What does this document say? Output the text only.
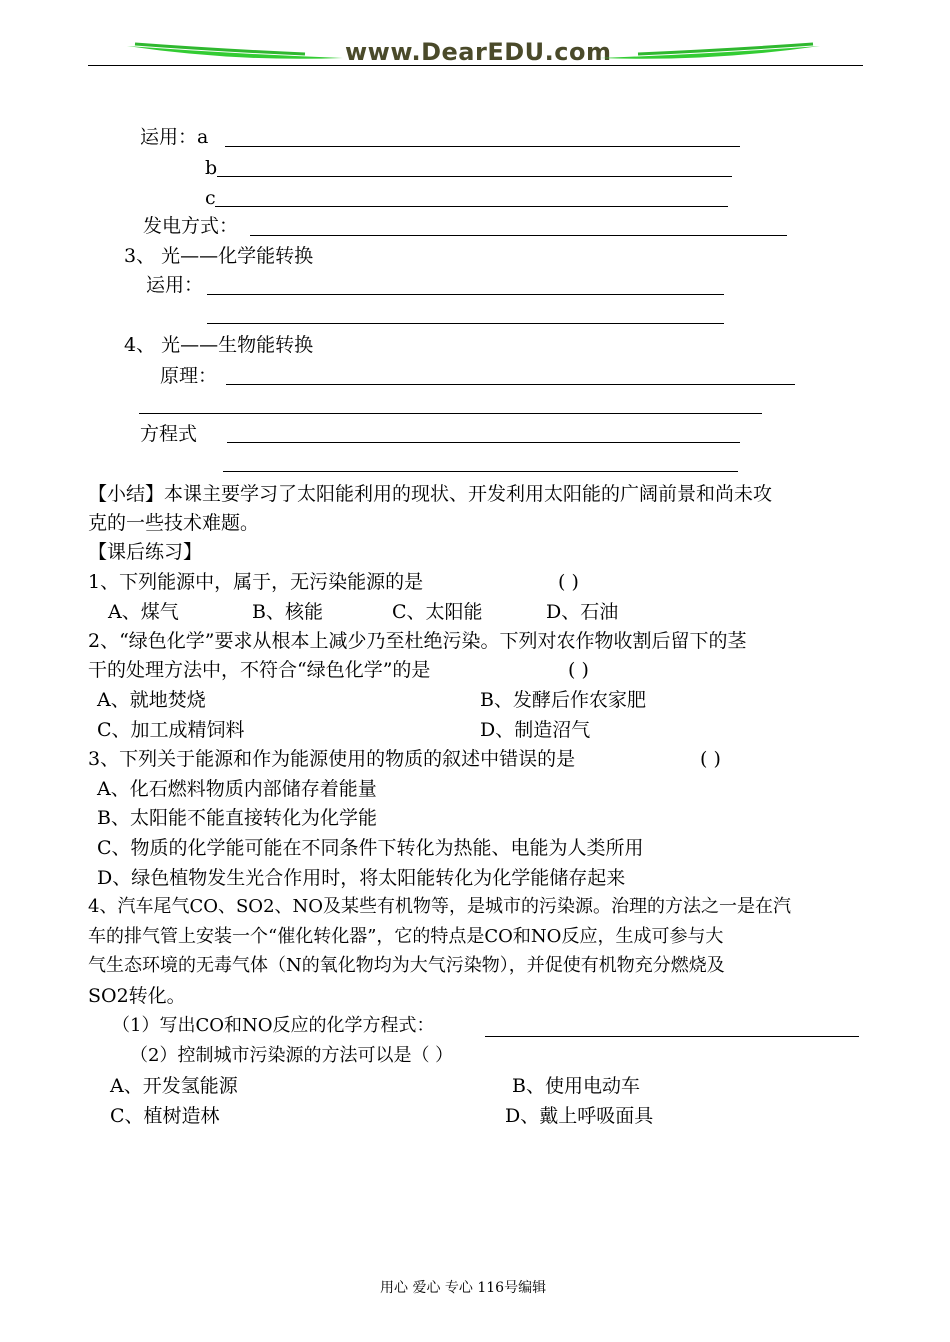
www.DearEDU.com
运用：a
b
c
发电方式：
3、 光——化学能转换
运用：
4、 光——生物能转换
原理：
方程式
【小结】本课主要学习了太阳能利用的现状、开发利用太阳能的广阔前景和尚未攻
克的一些技术难题。
【课后练习】
1、下列能源中，属于，无污染能源的是	( )
A、煤气	B、核能	C、太阳能	D、石油
2、“绿色化学”要求从根本上减少乃至杜绝污染。下列对农作物收割后留下的茎
干的处理方法中，不符合“绿色化学”的是	( )
A、就地焚烧	B、发酵后作农家肥
C、加工成精饲料	D、制造沼气
3、下列关于能源和作为能源使用的物质的叙述中错误的是	( )
A、化石燃料物质内部储存着能量
B、太阳能不能直接转化为化学能
C、物质的化学能可能在不同条件下转化为热能、电能为人类所用
D、绿色植物发生光合作用时，将太阳能转化为化学能储存起来
4、汽车尾气CO、SO2、NO及某些有机物等，是城市的污染源。治理的方法之一是在汽
车的排气管上安装一个“催化转化器”，它的特点是CO和NO反应，生成可参与大
气生态环境的无毒气体（N的氧化物均为大气污染物），并促使有机物充分燃烧及
SO2转化。
（1）写出CO和NO反应的化学方程式：
（2）控制城市污染源的方法可以是（ ）
A、开发氢能源	B、使用电动车
C、植树造林	D、戴上呼吸面具
用心 爱心 专心 116号编辑
